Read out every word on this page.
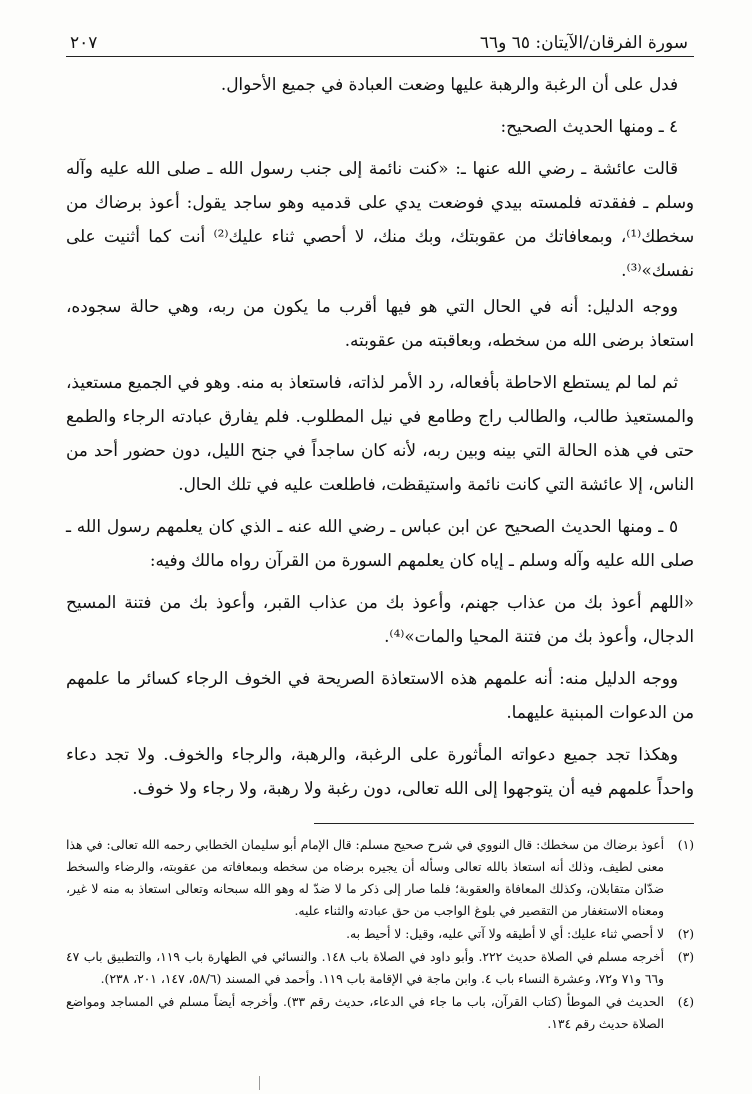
سورة الفرقان/الآيتان: ٦٥ و٦٦
٢٠٧

فدل على أن الرغبة والرهبة عليها وضعت العبادة في جميع الأحوال.

٤ ـ ومنها الحديث الصحيح:

قالت عائشة ـ رضي الله عنها ـ: «كنت نائمة إلى جنب رسول الله ـ صلى الله عليه وآله وسلم ـ ففقدته فلمسته بيدي فوضعت يدي على قدميه وهو ساجد يقول: أعوذ برضاك من سخطك⁽¹⁾، وبمعافاتك من عقوبتك، وبك منك، لا أحصي ثناء عليك⁽²⁾ أنت كما أثنيت على نفسك»⁽³⁾.

ووجه الدليل: أنه في الحال التي هو فيها أقرب ما يكون من ربه، وهي حالة سجوده، استعاذ برضى الله من سخطه، وبعاقبته من عقوبته.

ثم لما لم يستطع الاحاطة بأفعاله، رد الأمر لذاته، فاستعاذ به منه. وهو في الجميع مستعيذ، والمستعيذ طالب، والطالب راج وطامع في نيل المطلوب. فلم يفارق عبادته الرجاء والطمع حتى في هذه الحالة التي بينه وبين ربه، لأنه كان ساجداً في جنح الليل، دون حضور أحد من الناس، إلا عائشة التي كانت نائمة واستيقظت، فاطلعت عليه في تلك الحال.

٥ ـ ومنها الحديث الصحيح عن ابن عباس ـ رضي الله عنه ـ الذي كان يعلمهم رسول الله ـ صلى الله عليه وآله وسلم ـ إياه كان يعلمهم السورة من القرآن رواه مالك وفيه:

«اللهم أعوذ بك من عذاب جهنم، وأعوذ بك من عذاب القبر، وأعوذ بك من فتنة المسيح الدجال، وأعوذ بك من فتنة المحيا والمات»⁽⁴⁾.

ووجه الدليل منه: أنه علمهم هذه الاستعاذة الصريحة في الخوف الرجاء كسائر ما علمهم من الدعوات المبنية عليهما.

وهكذا تجد جميع دعواته المأثورة على الرغبة، والرهبة، والرجاء والخوف. ولا تجد دعاء واحداً علمهم فيه أن يتوجهوا إلى الله تعالى، دون رغبة ولا رهبة، ولا رجاء ولا خوف.

(١)
أعوذ برضاك من سخطك: قال النووي في شرح صحيح مسلم: قال الإمام أبو سليمان الخطابي رحمه الله تعالى: في هذا معنى لطيف، وذلك أنه استعاذ بالله تعالى وسأله أن يجيره برضاه من سخطه وبمعافاته من عقوبته، والرضاء والسخط ضدّان متقابلان، وكذلك المعافاة والعقوبة؛ فلما صار إلى ذكر ما لا ضدّ له وهو الله سبحانه وتعالى استعاذ به منه لا غير، ومعناه الاستغفار من التقصير في بلوغ الواجب من حق عبادته والثناء عليه.
(٢)
لا أحصي ثناء عليك: أي لا أطيقه ولا آتي عليه، وقيل: لا أحيط به.
(٣)
أخرجه مسلم في الصلاة حديث ٢٢٢. وأبو داود في الصلاة باب ١٤٨. والنسائي في الطهارة باب ١١٩، والتطبيق باب ٤٧ و٦٦ و٧١ و٧٢، وعشرة النساء باب ٤. وابن ماجة في الإقامة باب ١١٩. وأحمد في المسند (٥٨/٦، ١٤٧، ٢٠١، ٢٣٨).
(٤)
الحديث في الموطأ (كتاب القرآن، باب ما جاء في الدعاء، حديث رقم ٣٣). وأخرجه أيضاً مسلم في المساجد ومواضع الصلاة حديث رقم ١٣٤.
